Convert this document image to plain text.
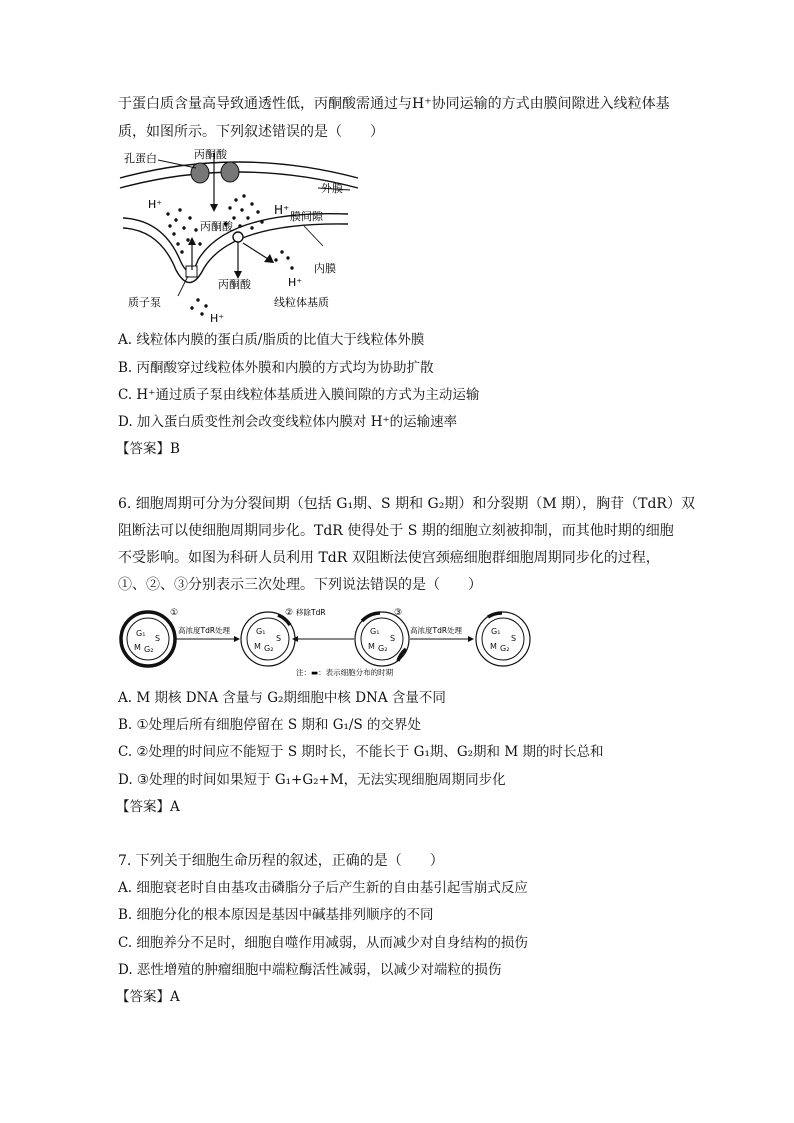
于蛋白质含量高导致通透性低，丙酮酸需通过与H⁺协同运输的方式由膜间隙进入线粒体基
质，如图所示。下列叙述错误的是（　　）
孔蛋白	丙酮酸
外膜
H⁺	H⁺
丙酮酸
膜间隙
内膜
H⁺
丙酮酸
质子泵	线粒体基质
H⁺
A. 线粒体内膜的蛋白质/脂质的比值大于线粒体外膜
B. 丙酮酸穿过线粒体外膜和内膜的方式均为协助扩散
C. H⁺通过质子泵由线粒体基质进入膜间隙的方式为主动运输
D. 加入蛋白质变性剂会改变线粒体内膜对 H⁺的运输速率
【答案】B
6. 细胞周期可分为分裂间期（包括 G₁期、S 期和 G₂期）和分裂期（M 期），胸苷（TdR）双
阻断法可以使细胞周期同步化。TdR 使得处于 S 期的细胞立刻被抑制，而其他时期的细胞
不受影响。如图为科研人员利用 TdR 双阻断法使宫颈癌细胞群细胞周期同步化的过程，
①、②、③分别表示三次处理。下列说法错误的是（　　）
G₁
S
M G₂
G₁
S
M G₂
G₁
S
M G₂
G₁
S
M G₂
①	②	③
高浓度TdR处理
移除TdR
高浓度TdR处理
注：▬：表示细胞分布的时期
A. M 期核 DNA 含量与 G₂期细胞中核 DNA 含量不同
B. ①处理后所有细胞停留在 S 期和 G₁/S 的交界处
C. ②处理的时间应不能短于 S 期时长，不能长于 G₁期、G₂期和 M 期的时长总和
D. ③处理的时间如果短于 G₁+G₂+M，无法实现细胞周期同步化
【答案】A
7. 下列关于细胞生命历程的叙述，正确的是（　　）
A. 细胞衰老时自由基攻击磷脂分子后产生新的自由基引起雪崩式反应
B. 细胞分化的根本原因是基因中碱基排列顺序的不同
C. 细胞养分不足时，细胞自噬作用减弱，从而减少对自身结构的损伤
D. 恶性增殖的肿瘤细胞中端粒酶活性减弱，以减少对端粒的损伤
【答案】A
